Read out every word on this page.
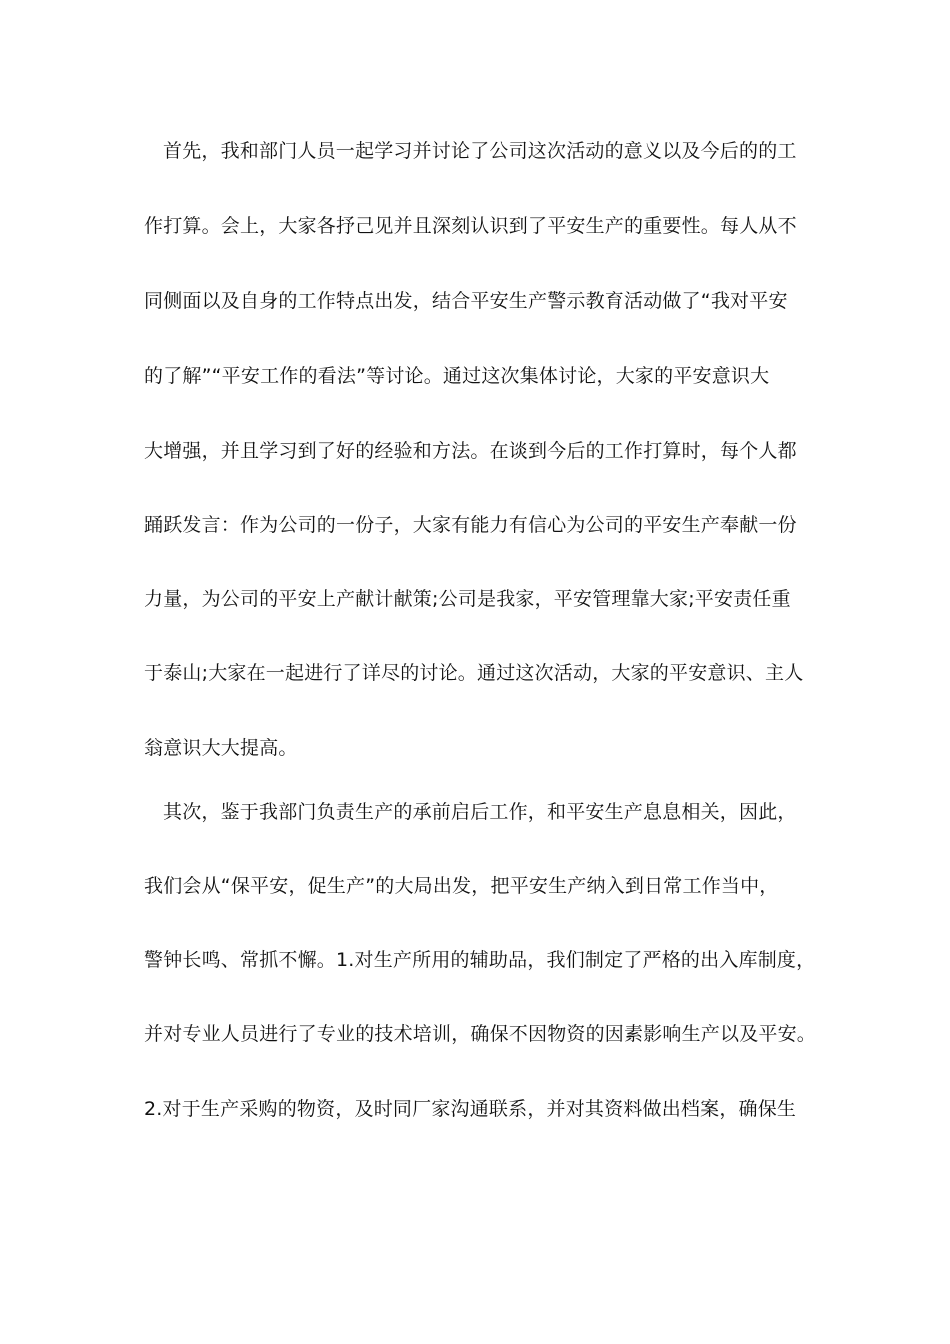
首先，我和部门人员一起学习并讨论了公司这次活动的意义以及今后的的工
作打算。会上，大家各抒己见并且深刻认识到了平安生产的重要性。每人从不
同侧面以及自身的工作特点出发，结合平安生产警示教育活动做了“我对平安
的了解”“平安工作的看法”等讨论。通过这次集体讨论，大家的平安意识大
大增强，并且学习到了好的经验和方法。在谈到今后的工作打算时，每个人都
踊跃发言：作为公司的一份子，大家有能力有信心为公司的平安生产奉献一份
力量，为公司的平安上产献计献策;公司是我家，平安管理靠大家;平安责任重
于泰山;大家在一起进行了详尽的讨论。通过这次活动，大家的平安意识、主人
翁意识大大提高。
其次，鉴于我部门负责生产的承前启后工作，和平安生产息息相关，因此，
我们会从“保平安，促生产”的大局出发，把平安生产纳入到日常工作当中，
警钟长鸣、常抓不懈。1.对生产所用的辅助品，我们制定了严格的出入库制度，
并对专业人员进行了专业的技术培训，确保不因物资的因素影响生产以及平安。
2.对于生产采购的物资，及时同厂家沟通联系，并对其资料做出档案，确保生
